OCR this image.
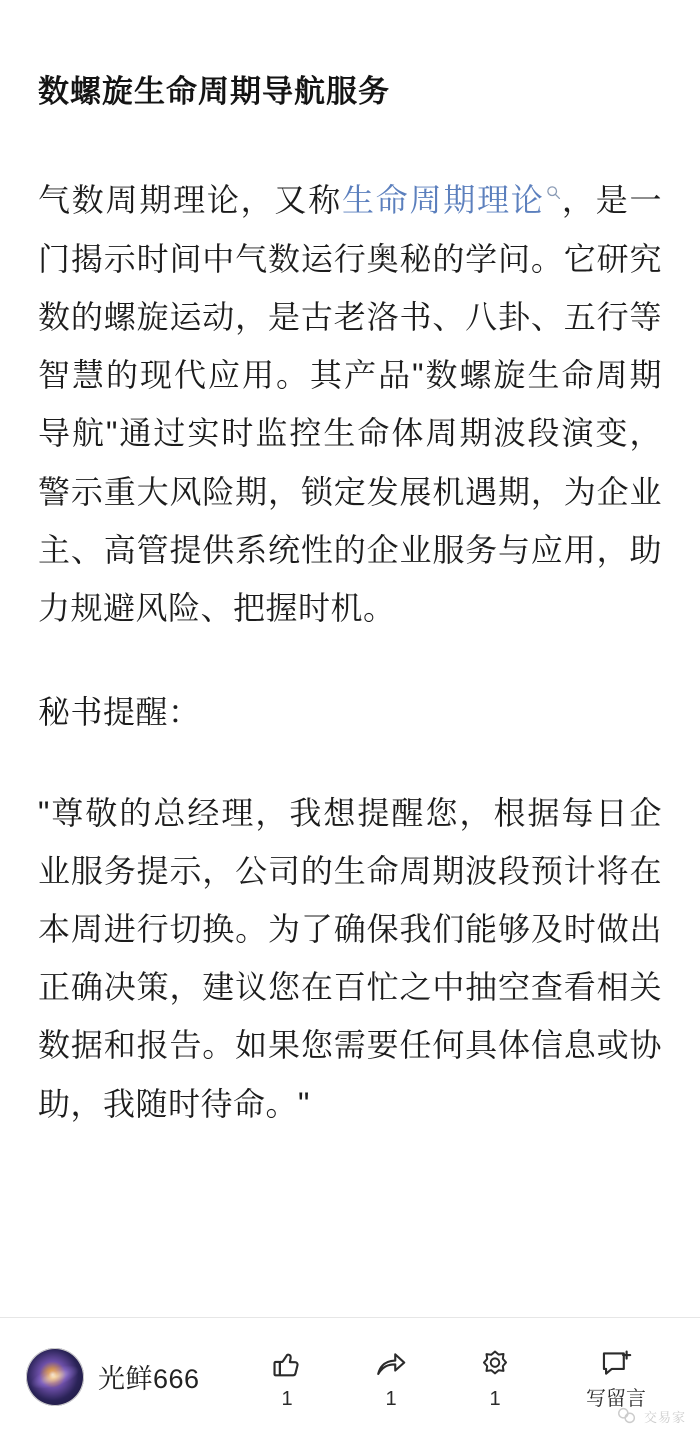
数螺旋生命周期导航服务

气数周期理论，又称生命周期理论 ，是一门揭示时间中气数运行奥秘的学问。它研究数的螺旋运动，是古老洛书、八卦、五行等智慧的现代应用。其产品"数螺旋生命周期导航"通过实时监控生命体周期波段演变，警示重大风险期，锁定发展机遇期，为企业主、高管提供系统性的企业服务与应用，助力规避风险、把握时机。

秘书提醒：

"尊敬的总经理，我想提醒您，根据每日企业服务提示，公司的生命周期波段预计将在本周进行切换。为了确保我们能够及时做出正确决策，建议您在百忙之中抽空查看相关数据和报告。如果您需要任何具体信息或协助，我随时待命。"

光鲜666
1	1	1	写留言
交易家
